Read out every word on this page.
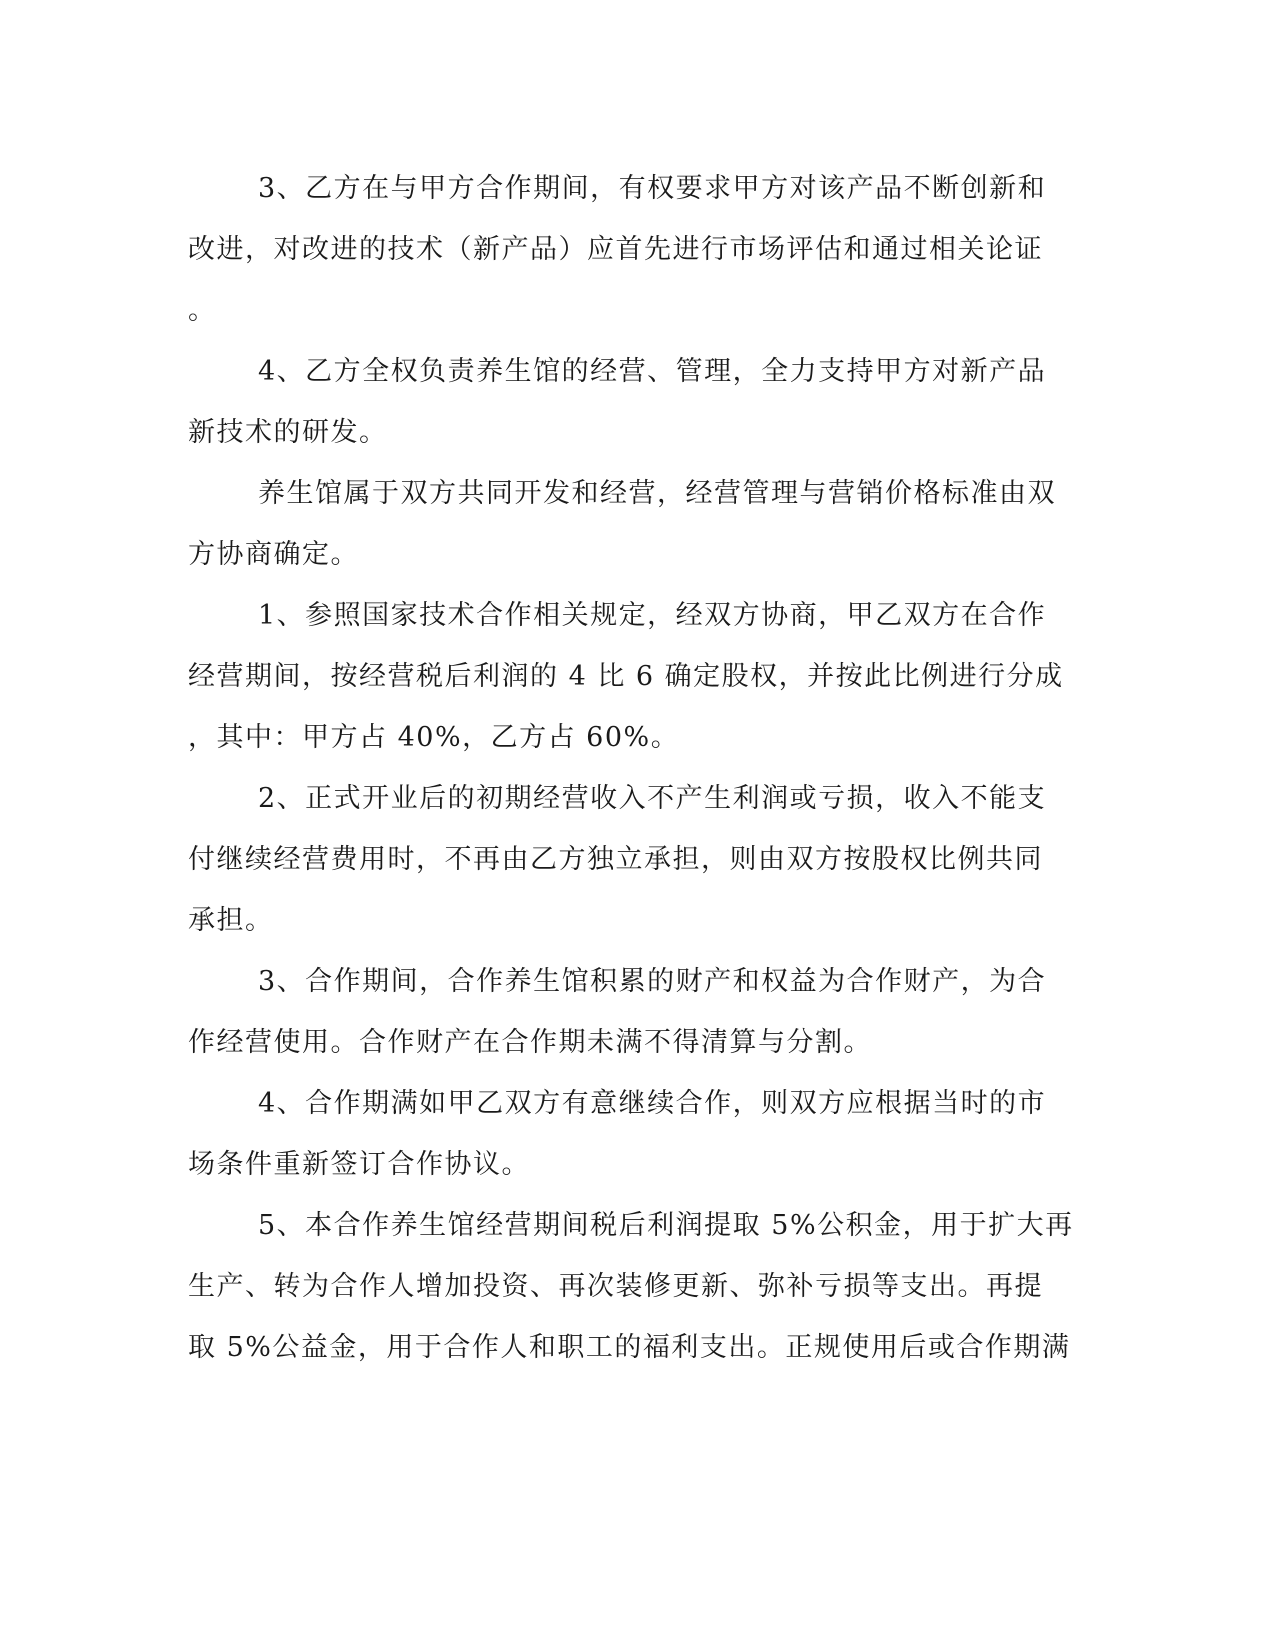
3、乙方在与甲方合作期间，有权要求甲方对该产品不断创新和
改进，对改进的技术（新产品）应首先进行市场评估和通过相关论证
。
4、乙方全权负责养生馆的经营、管理，全力支持甲方对新产品
新技术的研发。
养生馆属于双方共同开发和经营，经营管理与营销价格标准由双
方协商确定。
1、参照国家技术合作相关规定，经双方协商，甲乙双方在合作
经营期间，按经营税后利润的 4 比 6 确定股权，并按此比例进行分成
，其中：甲方占 40%，乙方占 60%。
2、正式开业后的初期经营收入不产生利润或亏损，收入不能支
付继续经营费用时，不再由乙方独立承担，则由双方按股权比例共同
承担。
3、合作期间，合作养生馆积累的财产和权益为合作财产，为合
作经营使用。合作财产在合作期未满不得清算与分割。
4、合作期满如甲乙双方有意继续合作，则双方应根据当时的市
场条件重新签订合作协议。
5、本合作养生馆经营期间税后利润提取 5%公积金，用于扩大再
生产、转为合作人增加投资、再次装修更新、弥补亏损等支出。再提
取 5%公益金，用于合作人和职工的福利支出。正规使用后或合作期满
